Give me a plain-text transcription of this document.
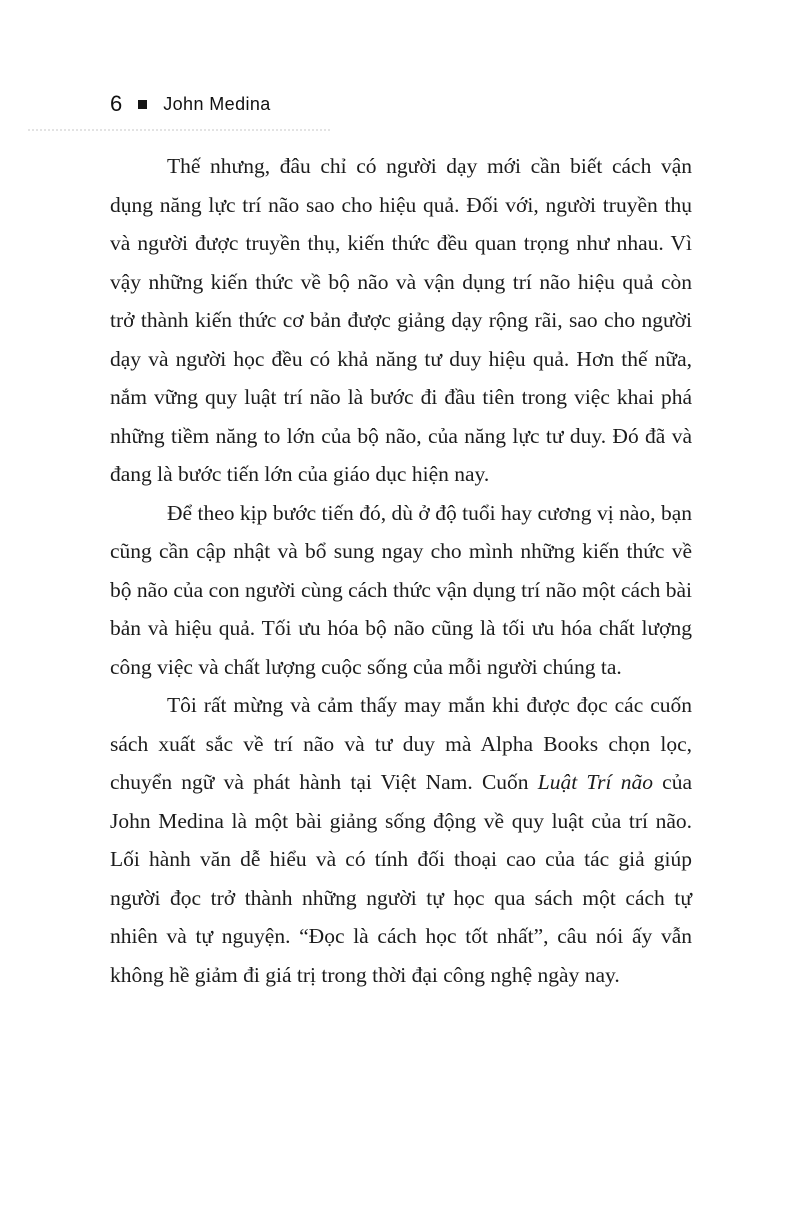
6 John Medina

Thế nhưng, đâu chỉ có người dạy mới cần biết cách vận dụng năng lực trí não sao cho hiệu quả. Đối với, người truyền thụ và người được truyền thụ, kiến thức đều quan trọng như nhau. Vì vậy những kiến thức về bộ não và vận dụng trí não hiệu quả còn trở thành kiến thức cơ bản được giảng dạy rộng rãi, sao cho người dạy và người học đều có khả năng tư duy hiệu quả. Hơn thế nữa, nắm vững quy luật trí não là bước đi đầu tiên trong việc khai phá những tiềm năng to lớn của bộ não, của năng lực tư duy. Đó đã và đang là bước tiến lớn của giáo dục hiện nay.

Để theo kịp bước tiến đó, dù ở độ tuổi hay cương vị nào, bạn cũng cần cập nhật và bổ sung ngay cho mình những kiến thức về bộ não của con người cùng cách thức vận dụng trí não một cách bài bản và hiệu quả. Tối ưu hóa bộ não cũng là tối ưu hóa chất lượng công việc và chất lượng cuộc sống của mỗi người chúng ta.

Tôi rất mừng và cảm thấy may mắn khi được đọc các cuốn sách xuất sắc về trí não và tư duy mà Alpha Books chọn lọc, chuyển ngữ và phát hành tại Việt Nam. Cuốn Luật Trí não của John Medina là một bài giảng sống động về quy luật của trí não. Lối hành văn dễ hiểu và có tính đối thoại cao của tác giả giúp người đọc trở thành những người tự học qua sách một cách tự nhiên và tự nguyện. “Đọc là cách học tốt nhất”, câu nói ấy vẫn không hề giảm đi giá trị trong thời đại công nghệ ngày nay.
